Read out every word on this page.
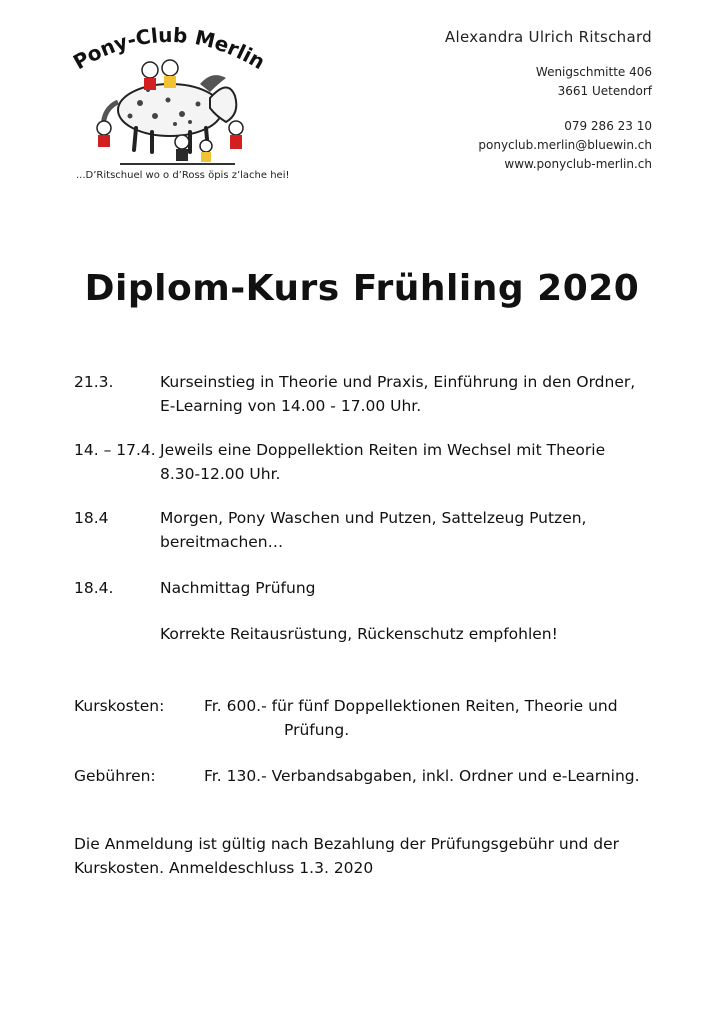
Pony-Club Merlin
...D’Ritschuel wo o d’Ross öpis z’lache hei!
Alexandra Ulrich Ritschard
Wenigschmitte 406
3661 Uetendorf
079 286 23 10
ponyclub.merlin@bluewin.ch
www.ponyclub-merlin.ch
Diplom-Kurs Frühling 2020
21.3.	Kurseinstieg in Theorie und Praxis, Einführung in den Ordner,
E-Learning von 14.00 - 17.00 Uhr.
14. – 17.4. Jeweils eine Doppellektion Reiten im Wechsel mit Theorie
8.30-12.00 Uhr.
18.4	Morgen, Pony Waschen und Putzen, Sattelzeug Putzen,
bereitmachen…
18.4.	Nachmittag Prüfung
Korrekte Reitausrüstung, Rückenschutz empfohlen!
Kurskosten:	Fr. 600.- für fünf Doppellektionen Reiten, Theorie und
Prüfung.
Gebühren:	Fr. 130.- Verbandsabgaben, inkl. Ordner und e-Learning.
Die Anmeldung ist gültig nach Bezahlung der Prüfungsgebühr und der
Kurskosten. Anmeldeschluss 1.3. 2020
